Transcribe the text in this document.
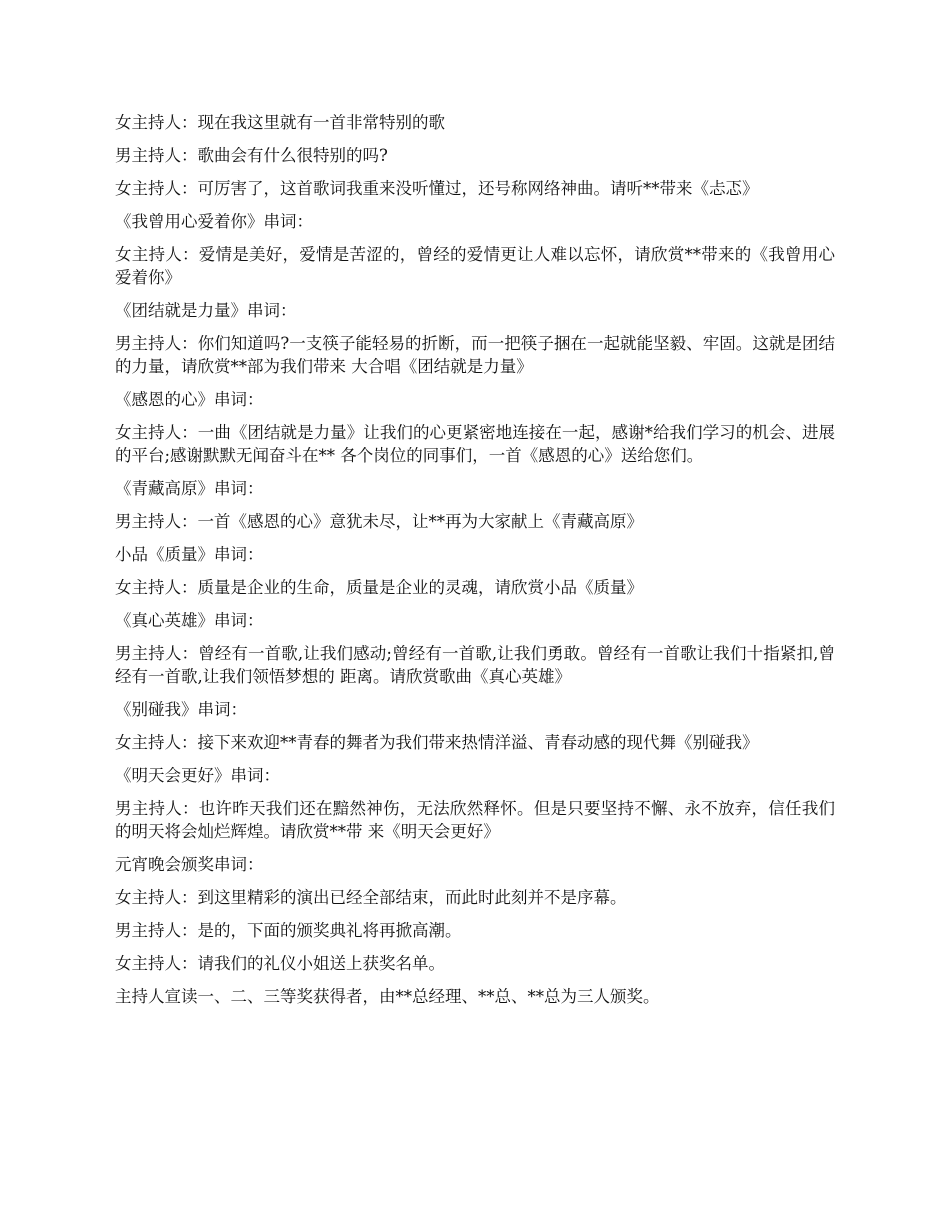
女主持人：现在我这里就有一首非常特别的歌

男主持人：歌曲会有什么很特别的吗?

女主持人：可厉害了，这首歌词我重来没听懂过，还号称网络神曲。请听**带来《忐忑》

《我曾用心爱着你》串词：

女主持人：爱情是美好，爱情是苦涩的，曾经的爱情更让人难以忘怀，请欣赏**带来的《我曾用心爱着你》

《团结就是力量》串词：

男主持人：你们知道吗?一支筷子能轻易的折断，而一把筷子捆在一起就能坚毅、牢固。这就是团结的力量，请欣赏**部为我们带来 大合唱《团结就是力量》

《感恩的心》串词：

女主持人：一曲《团结就是力量》让我们的心更紧密地连接在一起，感谢*给我们学习的机会、进展的平台;感谢默默无闻奋斗在** 各个岗位的同事们，一首《感恩的心》送给您们。

《青藏高原》串词：

男主持人：一首《感恩的心》意犹未尽，让**再为大家献上《青藏高原》

小品《质量》串词：

女主持人：质量是企业的生命，质量是企业的灵魂，请欣赏小品《质量》

《真心英雄》串词：

男主持人：曾经有一首歌,让我们感动;曾经有一首歌,让我们勇敢。曾经有一首歌让我们十指紧扣,曾经有一首歌,让我们领悟梦想的 距离。请欣赏歌曲《真心英雄》

《别碰我》串词：

女主持人：接下来欢迎**青春的舞者为我们带来热情洋溢、青春动感的现代舞《别碰我》

《明天会更好》串词：

男主持人：也许昨天我们还在黯然神伤，无法欣然释怀。但是只要坚持不懈、永不放弃，信任我们的明天将会灿烂辉煌。请欣赏**带 来《明天会更好》

元宵晚会颁奖串词：

女主持人：到这里精彩的演出已经全部结束，而此时此刻并不是序幕。

男主持人：是的，下面的颁奖典礼将再掀高潮。

女主持人：请我们的礼仪小姐送上获奖名单。

主持人宣读一、二、三等奖获得者，由**总经理、**总、**总为三人颁奖。
